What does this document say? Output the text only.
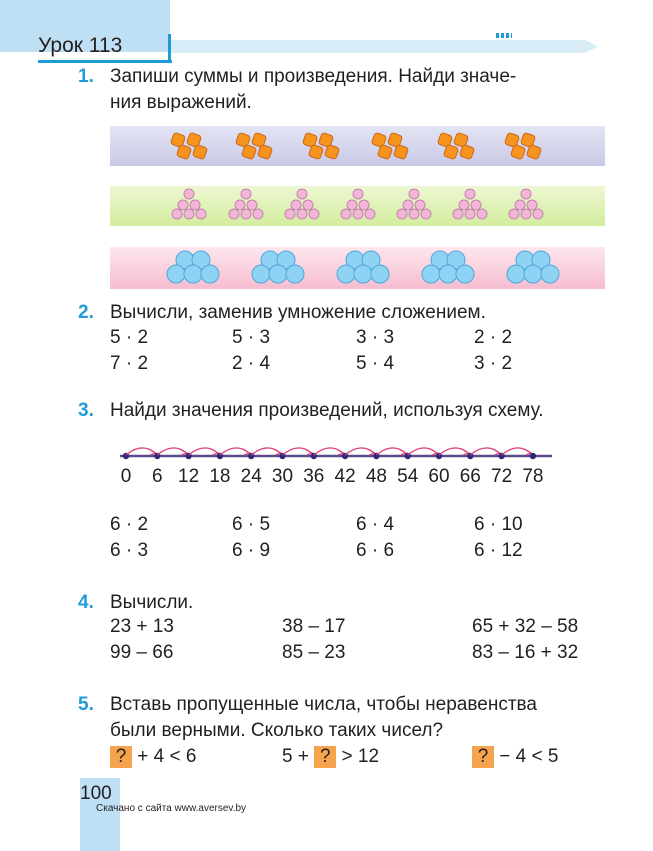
Урок 113
1. Запиши суммы и произведения. Найди значе-
ния выражений.
2. Вычисли, заменив умножение сложением.
5 · 2	5 · 3	3 · 3	2 · 2
7 · 2	2 · 4	5 · 4	3 · 2
3. Найди значения произведений, используя схему.
0 6 12 18 24 30 36 42 48 54 60 66 72 78
6 · 2	6 · 5	6 · 4	6 · 10
6 · 3	6 · 9	6 · 6	6 · 12
4. Вычисли.
23 + 13	38 – 17	65 + 32 – 58
99 – 66	85 – 23	83 – 16 + 32
5. Вставь пропущенные числа, чтобы неравенства
были верными. Сколько таких чисел?
? + 4 < 6	5 + ? > 12	? − 4 < 5
100
Скачано с сайта www.aversev.by
